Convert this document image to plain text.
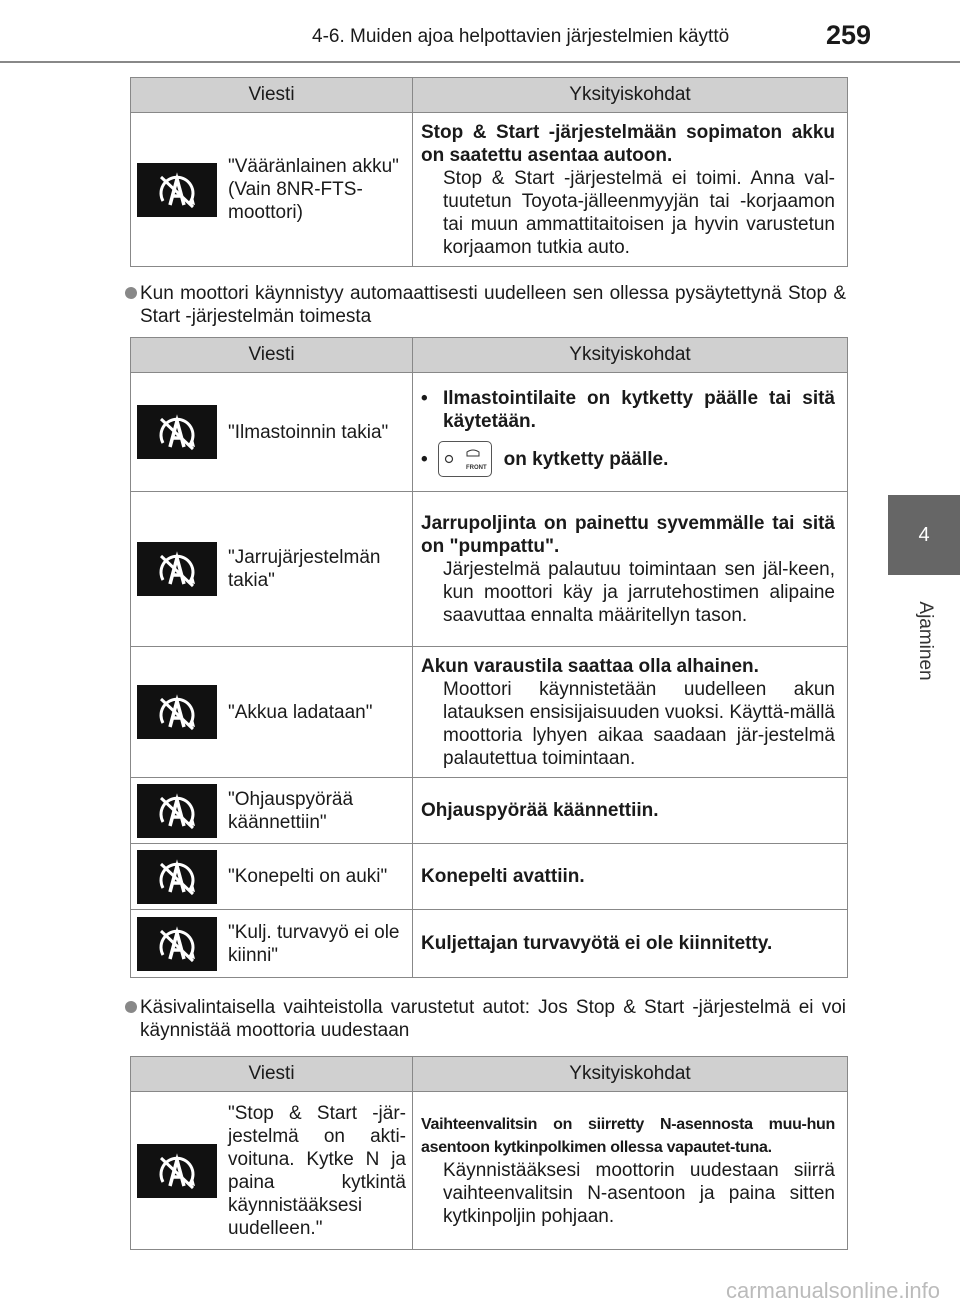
4-6. Muiden ajoa helpottavien järjestelmien käyttö	259
4
Ajaminen
Viesti	Yksityiskohdat

"Vääränlainen akku" (Vain 8NR-FTS-moottori)	Stop & Start -järjestelmään sopimaton akku on saatettu asentaa autoon.
Stop & Start -järjestelmä ei toimi. Anna val-tuutetun Toyota-jälleenmyyjän tai -korjaamon tai muun ammattitaitoisen ja hyvin varustetun korjaamon tutkia auto.
Kun moottori käynnistyy automaattisesti uudelleen sen ollessa pysäytettynä Stop & Start -järjestelmän toimesta
Viesti	Yksityiskohdat

"Ilmastoinnin takia"	• Ilmastointilaite on kytketty päälle tai sitä käytetään.
• FRONT on kytketty päälle.

"Jarrujärjestelmän takia"	Jarrupoljinta on painettu syvemmälle tai sitä on "pumpattu".
Järjestelmä palautuu toimintaan sen jäl-keen, kun moottori käy ja jarrutehostimen alipaine saavuttaa ennalta määritellyn tason.

"Akkua ladataan"	Akun varaustila saattaa olla alhainen.
Moottori käynnistetään uudelleen akun latauksen ensisijaisuuden vuoksi. Käyttä-mällä moottoria lyhyen aikaa saadaan jär-jestelmä palautettua toimintaan.

"Ohjauspyörää käännettiin"	Ohjauspyörää käännettiin.

"Konepelti on auki"	Konepelti avattiin.

"Kulj. turvavyö ei ole kiinni"	Kuljettajan turvavyötä ei ole kiinnitetty.
Käsivalintaisella vaihteistolla varustetut autot: Jos Stop & Start -järjestelmä ei voi käynnistää moottoria uudestaan
Viesti	Yksityiskohdat

"Stop & Start -jär-jestelmä on akti-voituna. Kytke N ja paina kytkintä käynnistääksesi uudelleen."	Vaihteenvalitsin on siirretty N-asennosta muu-hun asentoon kytkinpolkimen ollessa vapautet-tuna.
Käynnistääksesi moottorin uudestaan siirrä vaihteenvalitsin N-asentoon ja paina sitten kytkinpoljin pohjaan.
carmanualsonline.info
